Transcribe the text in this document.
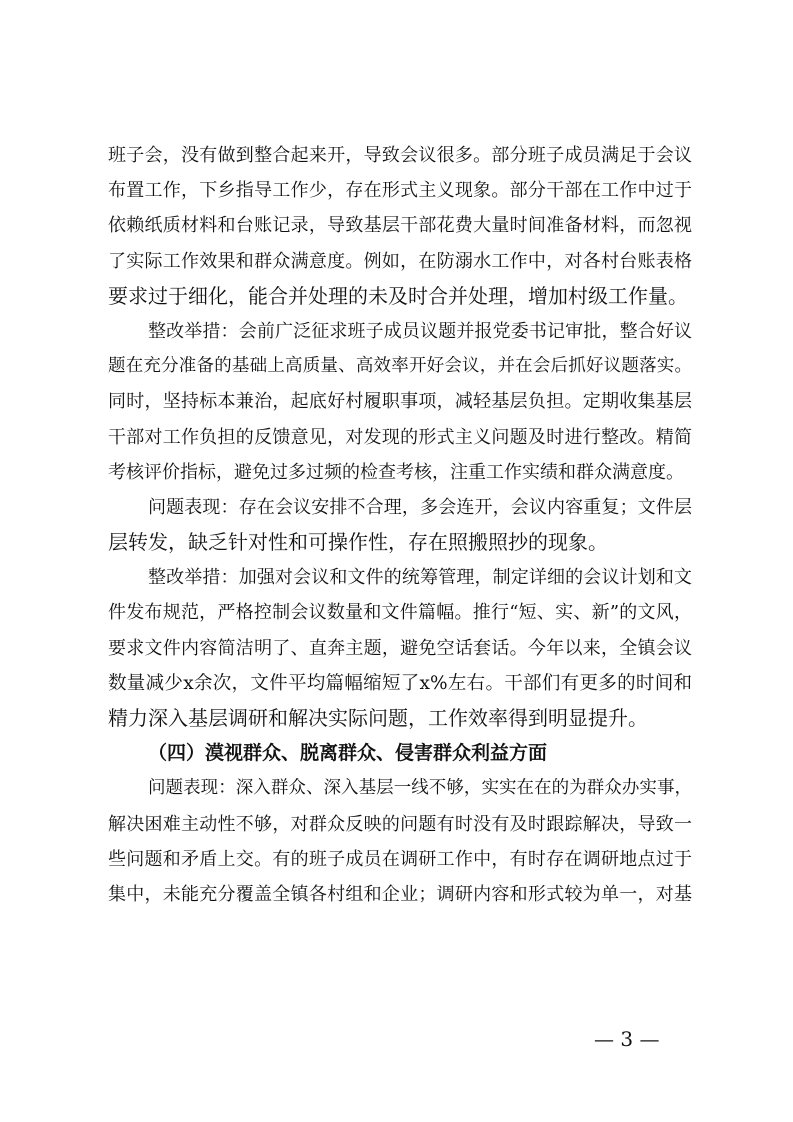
班子会，没有做到整合起来开，导致会议很多。部分班子成员满足于会议
布置工作，下乡指导工作少，存在形式主义现象。部分干部在工作中过于
依赖纸质材料和台账记录，导致基层干部花费大量时间准备材料，而忽视
了实际工作效果和群众满意度。例如，在防溺水工作中，对各村台账表格
要求过于细化，能合并处理的未及时合并处理，增加村级工作量。
整改举措：会前广泛征求班子成员议题并报党委书记审批，整合好议
题在充分准备的基础上高质量、高效率开好会议，并在会后抓好议题落实。
同时，坚持标本兼治，起底好村履职事项，减轻基层负担。定期收集基层
干部对工作负担的反馈意见，对发现的形式主义问题及时进行整改。精简
考核评价指标，避免过多过频的检查考核，注重工作实绩和群众满意度。
问题表现：存在会议安排不合理，多会连开，会议内容重复；文件层
层转发，缺乏针对性和可操作性，存在照搬照抄的现象。
整改举措：加强对会议和文件的统筹管理，制定详细的会议计划和文
件发布规范，严格控制会议数量和文件篇幅。推行“短、实、新”的文风，
要求文件内容简洁明了、直奔主题，避免空话套话。今年以来，全镇会议
数量减少x余次，文件平均篇幅缩短了x%左右。干部们有更多的时间和
精力深入基层调研和解决实际问题，工作效率得到明显提升。
（四）漠视群众、脱离群众、侵害群众利益方面
问题表现：深入群众、深入基层一线不够，实实在在的为群众办实事，
解决困难主动性不够，对群众反映的问题有时没有及时跟踪解决，导致一
些问题和矛盾上交。有的班子成员在调研工作中，有时存在调研地点过于
集中，未能充分覆盖全镇各村组和企业；调研内容和形式较为单一，对基
— 3 —
